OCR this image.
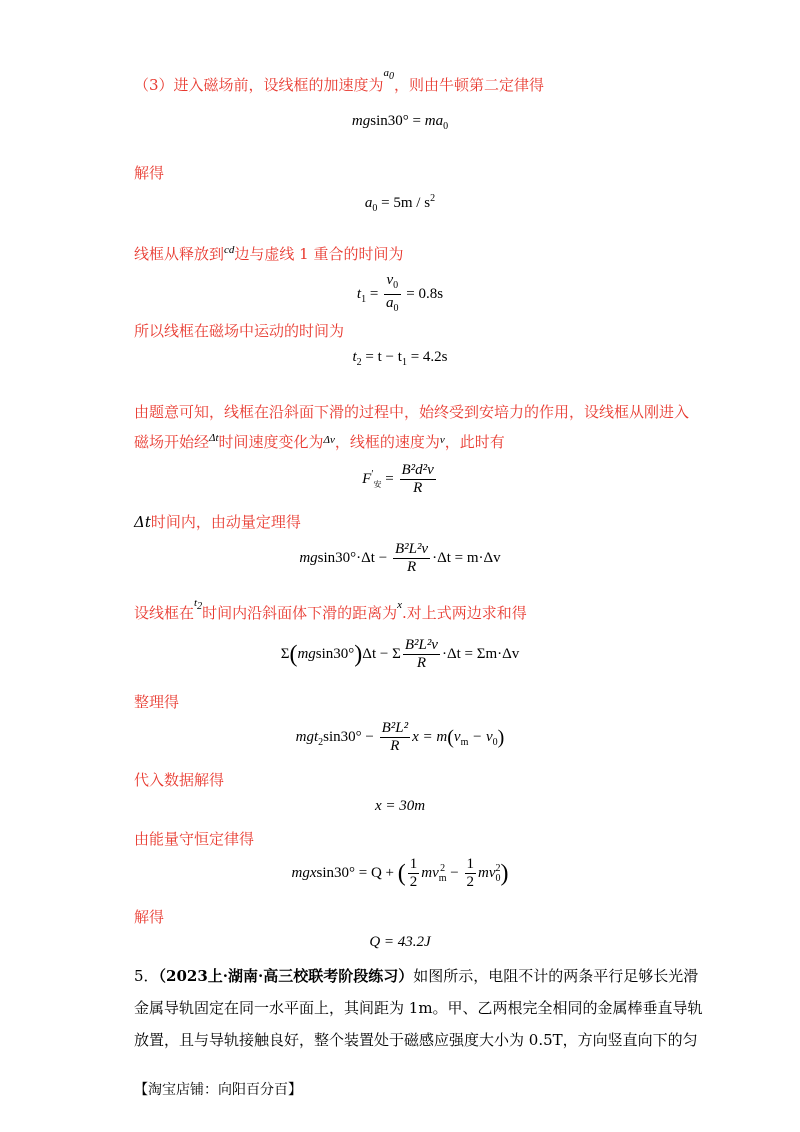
（3）进入磁场前，设线框的加速度为$^{a_0}$，则由牛顿第二定律得
$mgsin30^\circ = ma_0$
解得
$a_0 = 5m / s^2$
线框从释放到$^{cd}$边与虚线 1 重合的时间为
$t_1 = \frac{v_0}{a_0} = 0.8s$
所以线框在磁场中运动的时间为
$t_2 = t - t_1 = 4.2s$
由题意可知，线框在沿斜面下滑的过程中，始终受到安培力的作用，设线框从刚进入
磁场开始经$^{\Delta t}$时间速度变化为$^{\Delta v}$，线框的速度为$^v$，此时有
$F'_安 = \frac{\text{B²d²v}}{R}$
Δt时间内，由动量定理得
$mgsin30^\circ\cdot\Delta t - \frac{\text{B²L²v}}{R} \cdot\Delta t = m\cdot\Delta v$
设线框在$^{t_2}$时间内沿斜面体下滑的距离为$^x$.对上式两边求和得
Σ(mgsin30°)Δt − Σ $\frac{\text{B²L²v}}{R} \cdot\Delta t = \Sigma m\cdot\Delta v$
整理得
$mgt_2\sin 30^\circ - \frac{\text{B²L²}}{R}$ $x = m(v_m - v_0)$
代入数据解得
x = 30m
由能量守恒定律得
mgxsin30° = Q + ( $\frac{1}{2}$ mv 2
$m - \frac{1}{2}$ mv 2
0 )
解得
Q = 43.2J
5．（2023上·湖南·高三校联考阶段练习）如图所示，电阻不计的两条平行足够长光滑
金属导轨固定在同一水平面上，其间距为 1m。甲、乙两根完全相同的金属棒垂直导轨
放置，且与导轨接触良好，整个装置处于磁感应强度大小为 0.5T，方向竖直向下的匀
【淘宝店铺：向阳百分百】
